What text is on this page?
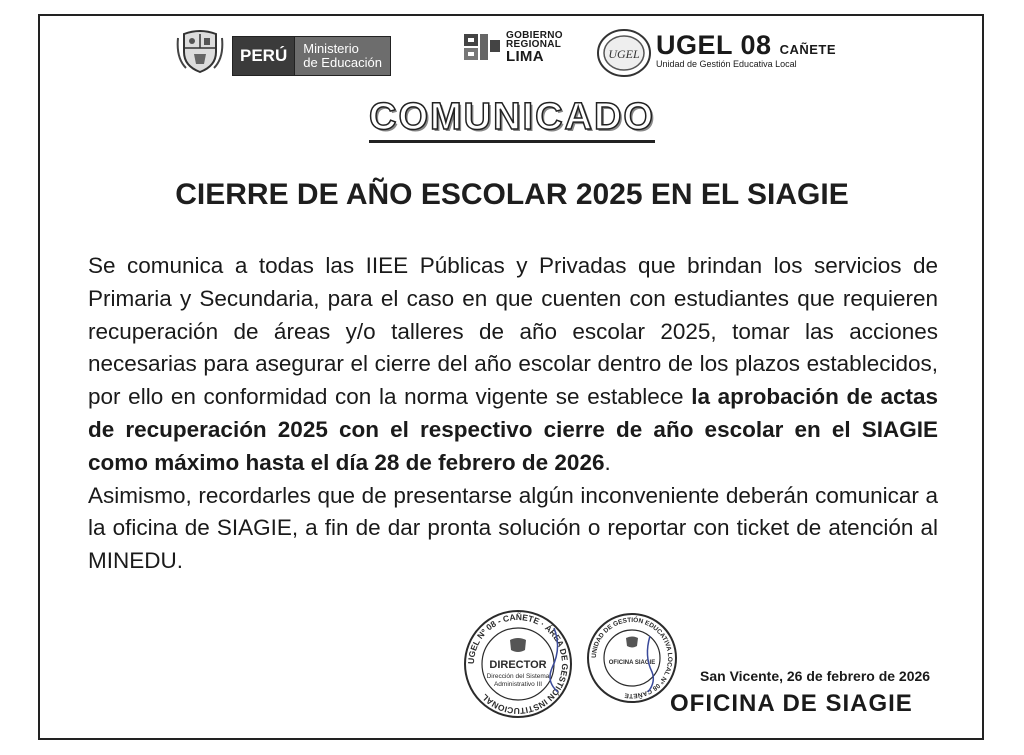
PERÚ	Ministerio
de Educación
GOBIERNO
REGIONAL
LIMA	UGEL UGEL 08 CAÑETE
Unidad de Gestión Educativa Local
COMUNICADO
CIERRE DE AÑO ESCOLAR 2025 EN EL SIAGIE

Se comunica a todas las IIEE Públicas y Privadas que brindan los servicios de Primaria y Secundaria, para el caso en que cuenten con estudiantes que requieren recuperación de áreas y/o talleres de año escolar 2025, tomar las acciones necesarias para asegurar el cierre del año escolar dentro de los plazos establecidos, por ello en conformidad con la norma vigente se establece la aprobación de actas de recuperación 2025 con el respectivo cierre de año escolar en el SIAGIE como máximo hasta el día 28 de febrero de 2026.

Asimismo, recordarles que de presentarse algún inconveniente deberán comunicar a la oficina de SIAGIE, a fin de dar pronta solución o reportar con ticket de atención al MINEDU.

UGEL Nº 08 - CAÑETE · ÁREA DE GESTIÓN INSTITUCIONAL
DIRECTOR
Dirección del Sistema
Administrativo III
UNIDAD DE GESTIÓN EDUCATIVA LOCAL Nº 08 CAÑETE
OFICINA SIAGIE
San Vicente, 26 de febrero de 2026
OFICINA DE SIAGIE
